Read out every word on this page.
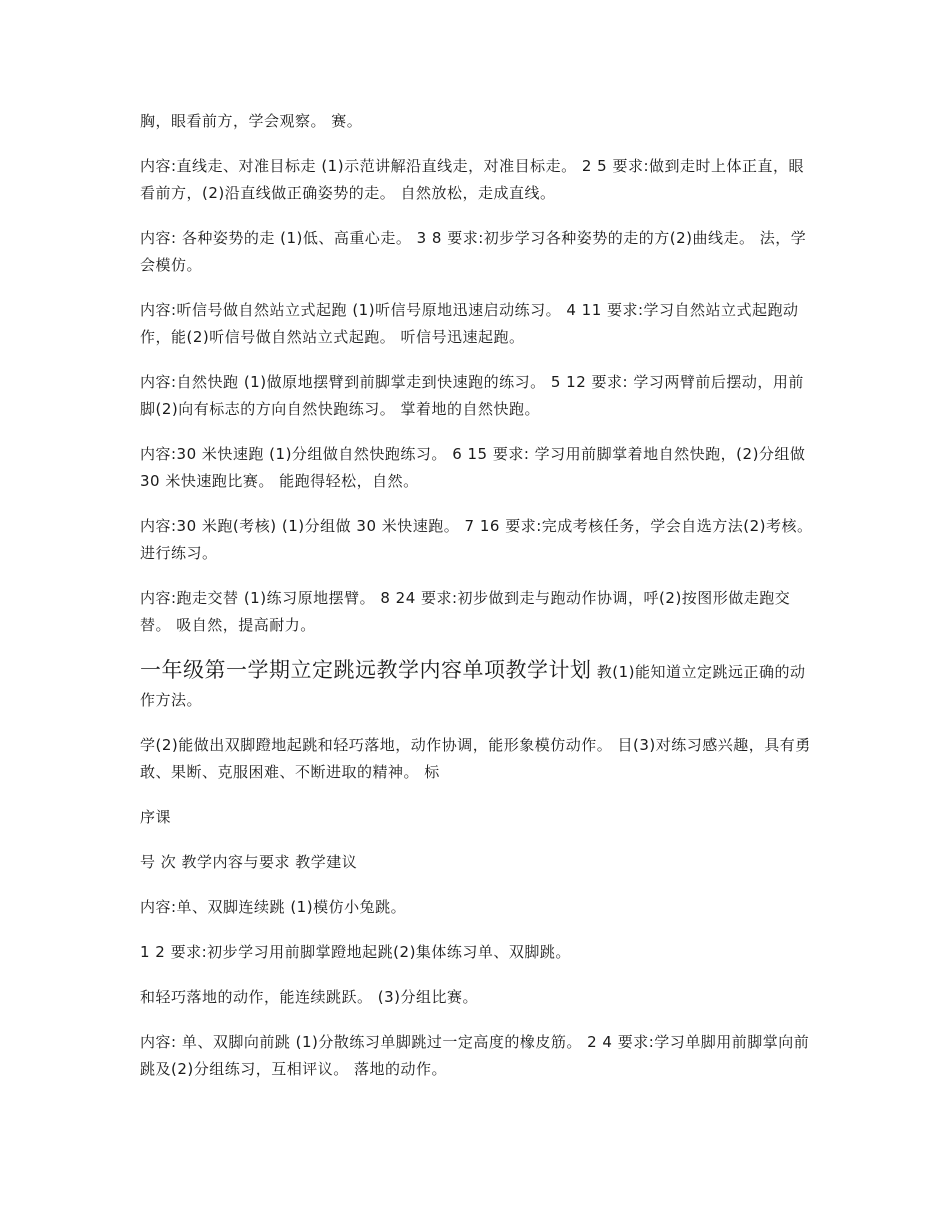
胸，眼看前方，学会观察。 赛。

内容:直线走、对准目标走 (1)示范讲解沿直线走，对准目标走。 2 5 要求:做到走时上体正直，眼看前方，(2)沿直线做正确姿势的走。 自然放松，走成直线。

内容: 各种姿势的走 (1)低、高重心走。 3 8 要求:初步学习各种姿势的走的方(2)曲线走。 法，学会模仿。

内容:听信号做自然站立式起跑 (1)听信号原地迅速启动练习。 4 11 要求:学习自然站立式起跑动作，能(2)听信号做自然站立式起跑。 听信号迅速起跑。

内容:自然快跑 (1)做原地摆臂到前脚掌走到快速跑的练习。 5 12 要求: 学习两臂前后摆动，用前脚(2)向有标志的方向自然快跑练习。 掌着地的自然快跑。

内容:30 米快速跑 (1)分组做自然快跑练习。 6 15 要求: 学习用前脚掌着地自然快跑，(2)分组做 30 米快速跑比赛。 能跑得轻松，自然。

内容:30 米跑(考核) (1)分组做 30 米快速跑。 7 16 要求:完成考核任务，学会自选方法(2)考核。 进行练习。

内容:跑走交替 (1)练习原地摆臂。 8 24 要求:初步做到走与跑动作协调，呼(2)按图形做走跑交替。 吸自然，提高耐力。

一年级第一学期立定跳远教学内容单项教学计划 教(1)能知道立定跳远正确的动作方法。

学(2)能做出双脚蹬地起跳和轻巧落地，动作协调，能形象模仿动作。 目(3)对练习感兴趣，具有勇敢、果断、克服困难、不断进取的精神。 标

序课

号 次 教学内容与要求 教学建议

内容:单、双脚连续跳 (1)模仿小兔跳。

1 2 要求:初步学习用前脚掌蹬地起跳(2)集体练习单、双脚跳。

和轻巧落地的动作，能连续跳跃。 (3)分组比赛。

内容: 单、双脚向前跳 (1)分散练习单脚跳过一定高度的橡皮筋。 2 4 要求:学习单脚用前脚掌向前跳及(2)分组练习，互相评议。 落地的动作。
